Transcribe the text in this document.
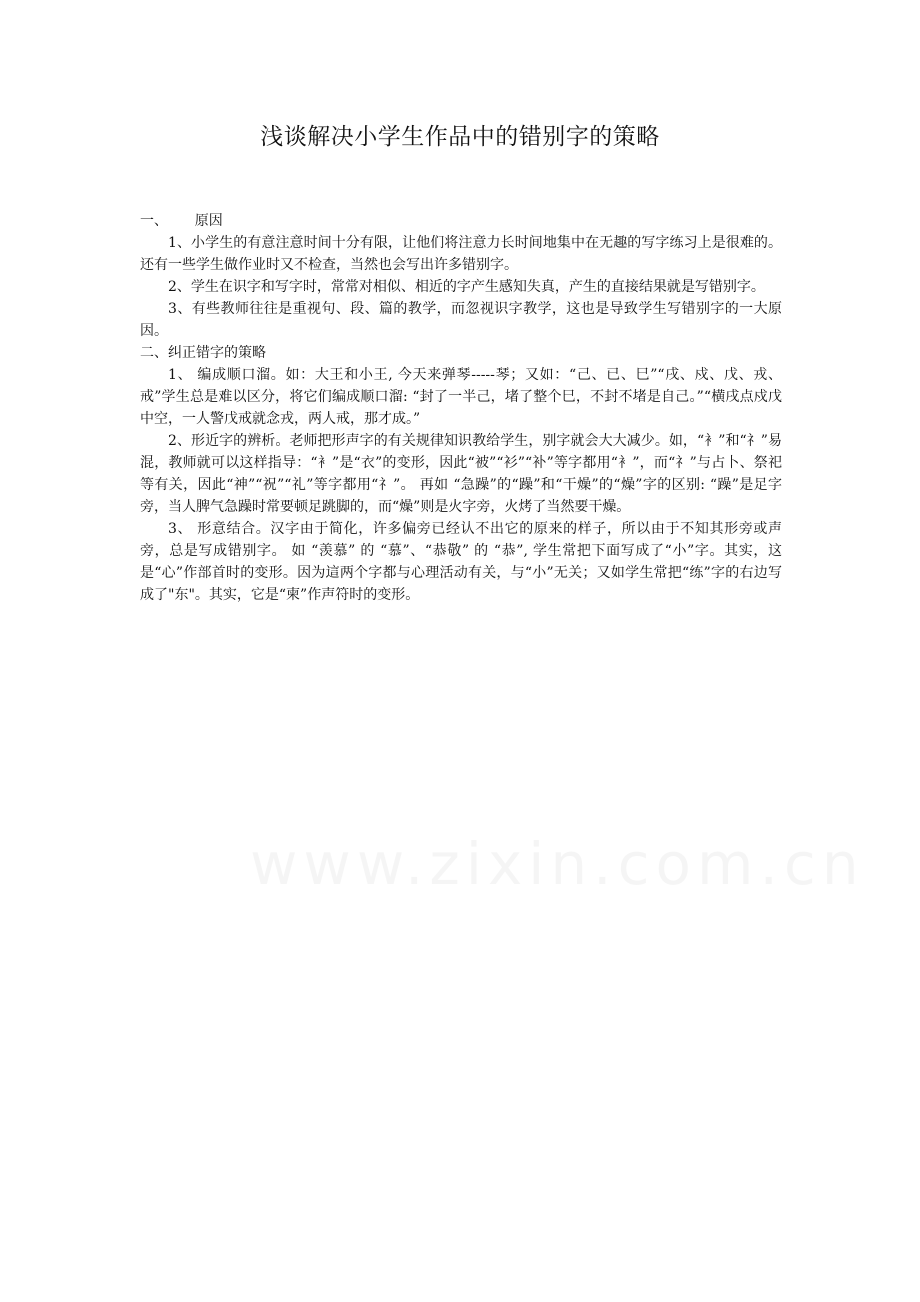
浅谈解决小学生作品中的错别字的策略

一、      原因

1、小学生的有意注意时间十分有限，让他们将注意力长时间地集中在无趣的写字练习上是很难的。还有一些学生做作业时又不检查，当然也会写出许多错别字。

2、学生在识字和写字时，常常对相似、相近的字产生感知失真，产生的直接结果就是写错别字。

3、有些教师往往是重视句、段、篇的教学，而忽视识字教学，这也是导致学生写错别字的一大原因。

二、纠正错字的策略

1、 编成顺口溜。如：大王和小王, 今天来弹琴-----琴；又如：“己、已、巳”“戌、戍、戊、戎、戒”学生总是难以区分，将它们编成顺口溜: “封了一半己，堵了整个巳，不封不堵是自己。”“横戌点戍戊中空，一人警戊戒就念戎，两人戒，那才成。”

2、形近字的辨析。老师把形声字的有关规律知识教给学生，别字就会大大减少。如，“衤”和“礻”易混，教师就可以这样指导：“衤”是“衣”的变形，因此“被”“衫”“补”等字都用“衤”，而“礻”与占卜、祭祀等有关，因此“神”“祝”“礼”等字都用“礻”。 再如 “急躁”的“躁”和“干燥”的“燥”字的区别: “躁”是足字旁，当人脾气急躁时常要顿足跳脚的，而“燥”则是火字旁，火烤了当然要干燥。

3、 形意结合。汉字由于简化，许多偏旁已经认不出它的原来的样子，所以由于不知其形旁或声旁，总是写成错别字。 如 “羡慕” 的 “慕”、“恭敬” 的 “恭”, 学生常把下面写成了“小”字。其实，这是“心”作部首时的变形。因为這两个字都与心理活动有关，与“小”无关；又如学生常把“练”字的右边写成了"东"。其实，它是“柬”作声符时的变形。
